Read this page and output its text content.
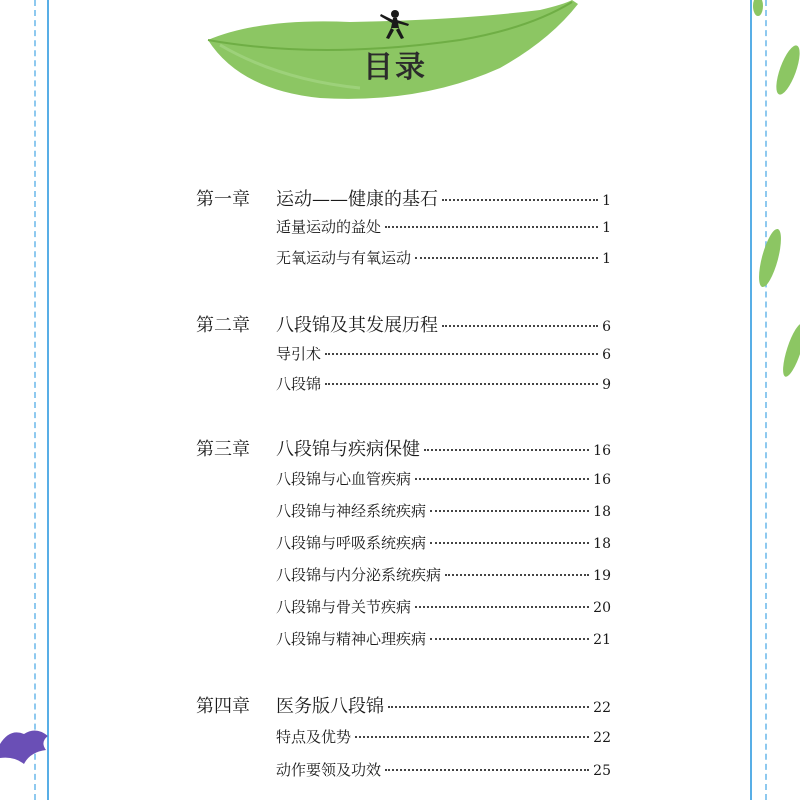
目录
第一章	运动——健康的基石	1
适量运动的益处	1
无氧运动与有氧运动	1
第二章	八段锦及其发展历程	6
导引术	6
八段锦	9
第三章	八段锦与疾病保健	16
八段锦与心血管疾病	16
八段锦与神经系统疾病	18
八段锦与呼吸系统疾病	18
八段锦与内分泌系统疾病	19
八段锦与骨关节疾病	20
八段锦与精神心理疾病	21
第四章	医务版八段锦	22
特点及优势	22
动作要领及功效	25
